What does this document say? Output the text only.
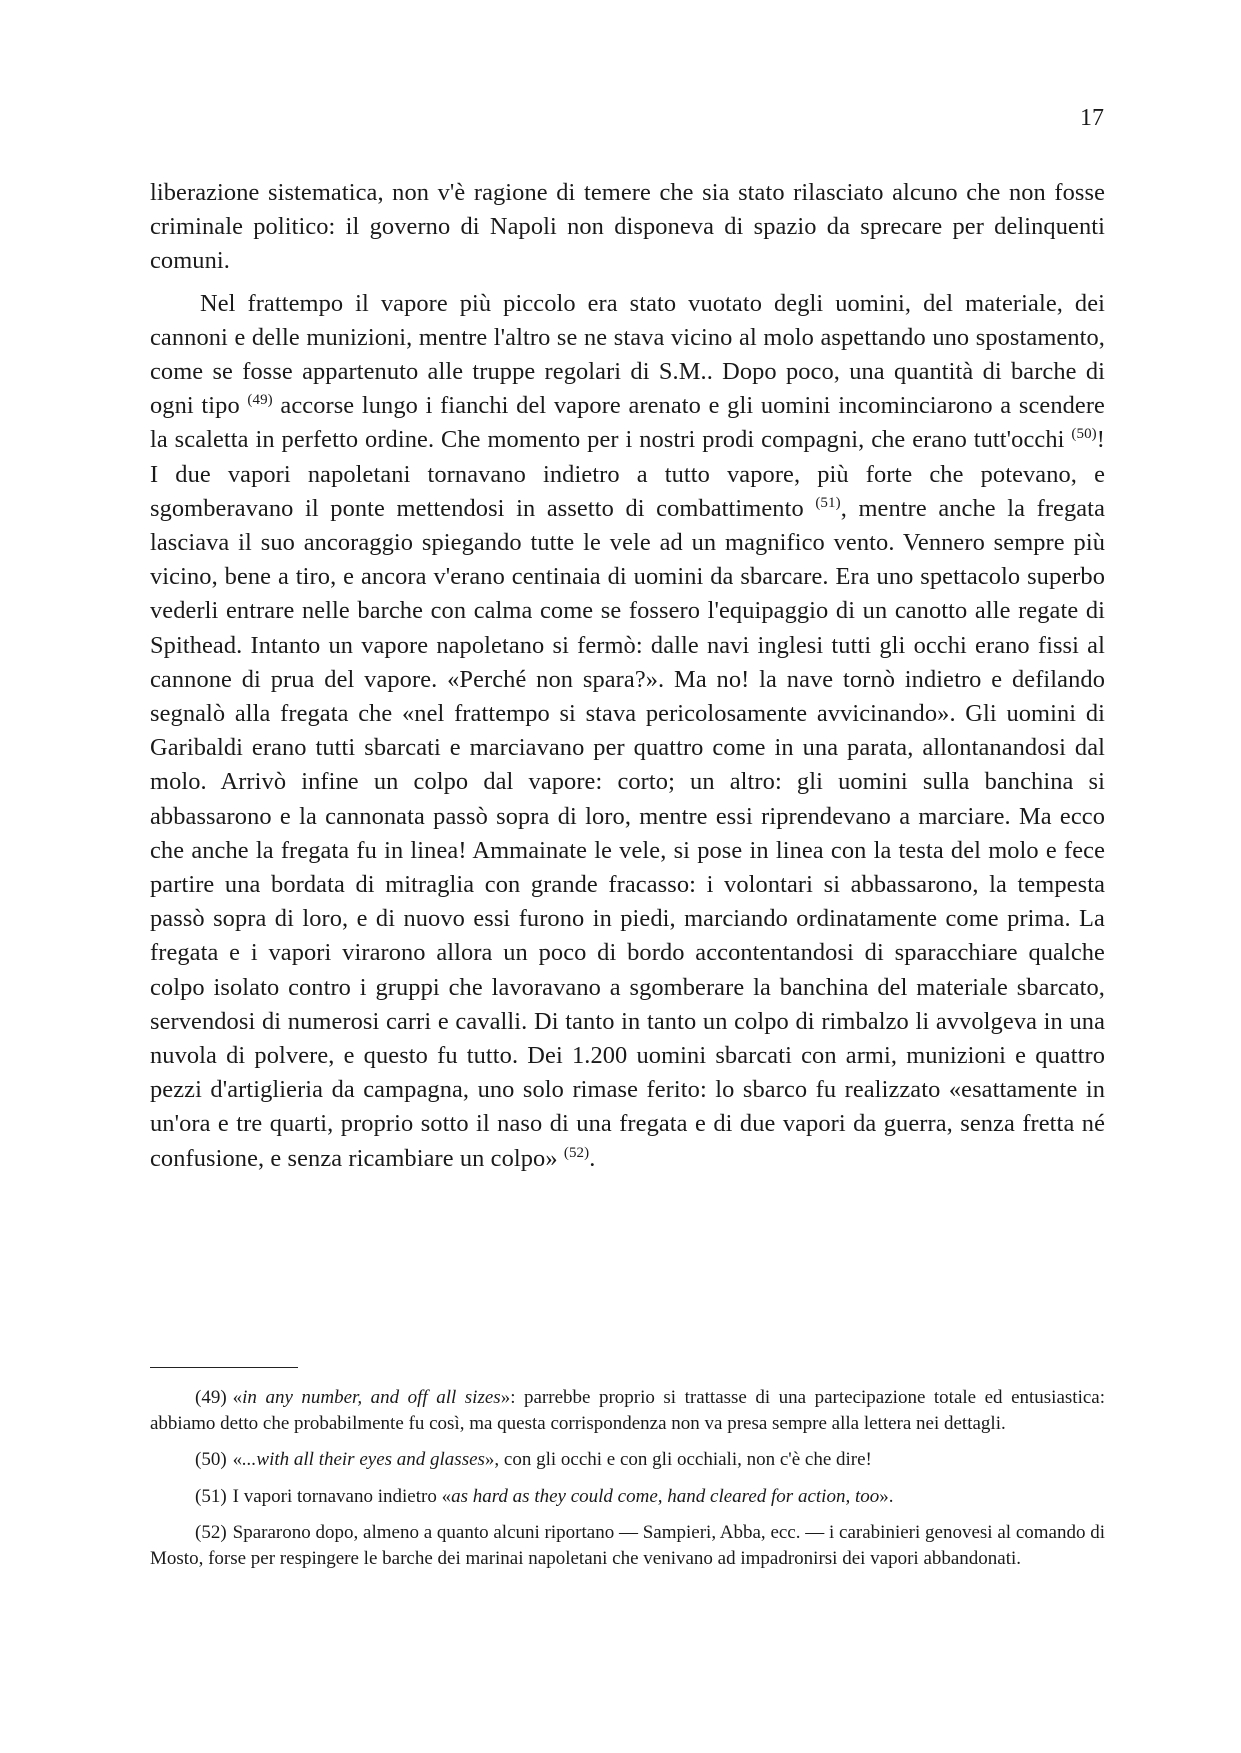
17

liberazione sistematica, non v'è ragione di temere che sia stato rilasciato alcuno che non fosse criminale politico: il governo di Napoli non disponeva di spazio da sprecare per delinquenti comuni.

Nel frattempo il vapore più piccolo era stato vuotato degli uomini, del materiale, dei cannoni e delle munizioni, mentre l'altro se ne stava vicino al molo aspettando uno spostamento, come se fosse appartenuto alle truppe regolari di S.M.. Dopo poco, una quantità di barche di ogni tipo $^{(49)}$ accorse lungo i fianchi del vapore arenato e gli uomini incominciarono a scendere la scaletta in perfetto ordine. Che momento per i nostri prodi compagni, che erano tutt'occhi $^{(50)}$! I due vapori napoletani tornavano indietro a tutto vapore, più forte che potevano, e sgomberavano il ponte mettendosi in assetto di combattimento $^{(51)}$, mentre anche la fregata lasciava il suo ancoraggio spiegando tutte le vele ad un magnifico vento. Vennero sempre più vicino, bene a tiro, e ancora v'erano centinaia di uomini da sbarcare. Era uno spettacolo superbo vederli entrare nelle barche con calma come se fossero l'equipaggio di un canotto alle regate di Spithead. Intanto un vapore napoletano si fermò: dalle navi inglesi tutti gli occhi erano fissi al cannone di prua del vapore. «Perché non spara?». Ma no! la nave tornò indietro e defilando segnalò alla fregata che «nel frattempo si stava pericolosamente avvicinando». Gli uomini di Garibaldi erano tutti sbarcati e marciavano per quattro come in una parata, allontanandosi dal molo. Arrivò infine un colpo dal vapore: corto; un altro: gli uomini sulla banchina si abbassarono e la cannonata passò sopra di loro, mentre essi riprendevano a marciare. Ma ecco che anche la fregata fu in linea! Ammainate le vele, si pose in linea con la testa del molo e fece partire una bordata di mitraglia con grande fracasso: i volontari si abbassarono, la tempesta passò sopra di loro, e di nuovo essi furono in piedi, marciando ordinatamente come prima. La fregata e i vapori virarono allora un poco di bordo accontentandosi di sparacchiare qualche colpo isolato contro i gruppi che lavoravano a sgomberare la banchina del materiale sbarcato, servendosi di numerosi carri e cavalli. Di tanto in tanto un colpo di rimbalzo li avvolgeva in una nuvola di polvere, e questo fu tutto. Dei 1.200 uomini sbarcati con armi, munizioni e quattro pezzi d'artiglieria da campagna, uno solo rimase ferito: lo sbarco fu realizzato «esattamente in un'ora e tre quarti, proprio sotto il naso di una fregata e di due vapori da guerra, senza fretta né confusione, e senza ricambiare un colpo» $^{(52)}$.

(49) «in any number, and off all sizes»: parrebbe proprio si trattasse di una partecipazione totale ed entusiastica: abbiamo detto che probabilmente fu così, ma questa corrispondenza non va presa sempre alla lettera nei dettagli.

(50) «...with all their eyes and glasses», con gli occhi e con gli occhiali, non c'è che dire!

(51) I vapori tornavano indietro «as hard as they could come, hand cleared for action, too».

(52) Spararono dopo, almeno a quanto alcuni riportano — Sampieri, Abba, ecc. — i carabinieri genovesi al comando di Mosto, forse per respingere le barche dei marinai napoletani che venivano ad impadronirsi dei vapori abbandonati.
